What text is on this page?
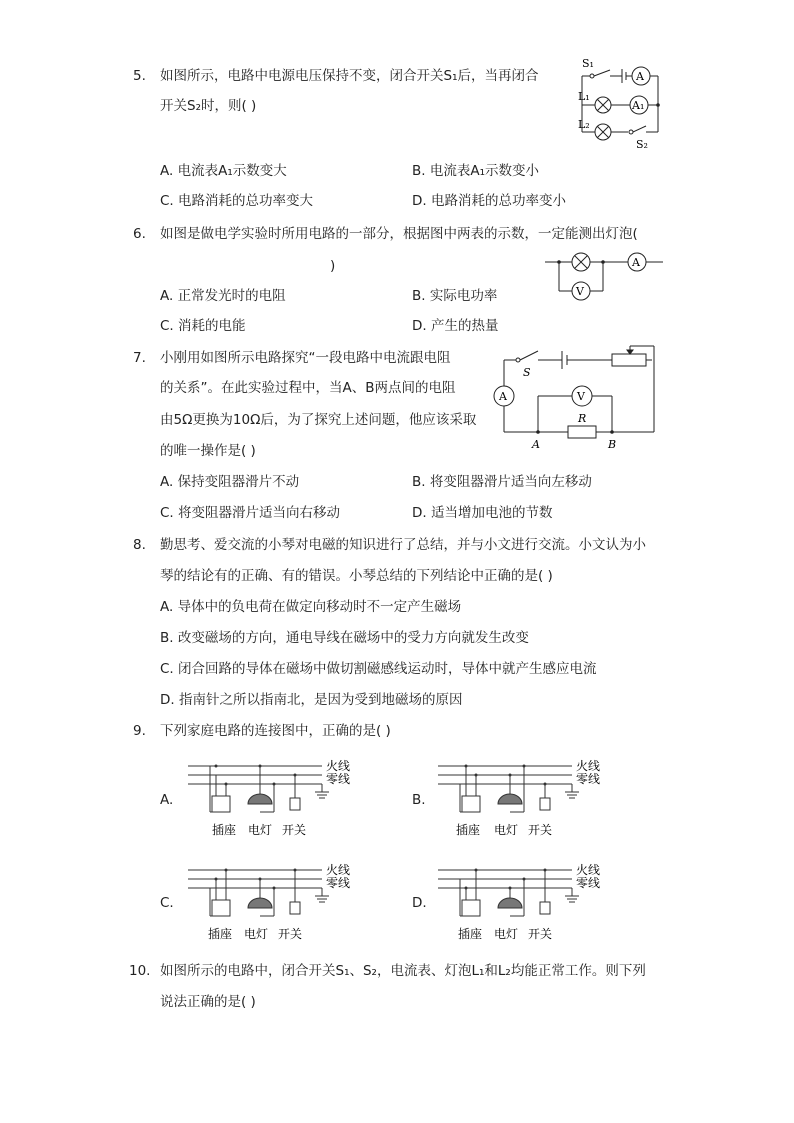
5. 如图所示，电路中电源电压保持不变，闭合开关S₁后，当再闭合
开关S₂时，则( )
S₁
A
L₁
A₁
L₂
S₂
A. 电流表A₁示数变大	B. 电流表A₁示数变小
C. 电路消耗的总功率变大	D. 电路消耗的总功率变小
6. 如图是做电学实验时所用电路的一部分，根据图中两表的示数，一定能测出灯泡(
)	A
V
A. 正常发光时的电阻	B. 实际电功率
C. 消耗的电能	D. 产生的热量
7. 小刚用如图所示电路探究“一段电路中电流跟电阻
的关系”。在此实验过程中，当A、B两点间的电阻
由5Ω更换为10Ω后，为了探究上述问题，他应该采取
的唯一操作是( )
S
A	V
R
A	B
A. 保持变阻器滑片不动	B. 将变阻器滑片适当向左移动
C. 将变阻器滑片适当向右移动	D. 适当增加电池的节数
8. 勤思考、爱交流的小琴对电磁的知识进行了总结，并与小文进行交流。小文认为小
琴的结论有的正确、有的错误。小琴总结的下列结论中正确的是( )
A. 导体中的负电荷在做定向移动时不一定产生磁场
B. 改变磁场的方向，通电导线在磁场中的受力方向就发生改变
C. 闭合回路的导体在磁场中做切割磁感线运动时，导体中就产生感应电流
D. 指南针之所以指南北，是因为受到地磁场的原因
9. 下列家庭电路的连接图中，正确的是( )
A.	B.
C.	D.
火线
零线
插座 电灯 开关
火线
零线
插座 电灯 开关
火线
零线
插座 电灯 开关
火线
零线
插座 电灯 开关
10. 如图所示的电路中，闭合开关S₁、S₂，电流表、灯泡L₁和L₂均能正常工作。则下列
说法正确的是( )
